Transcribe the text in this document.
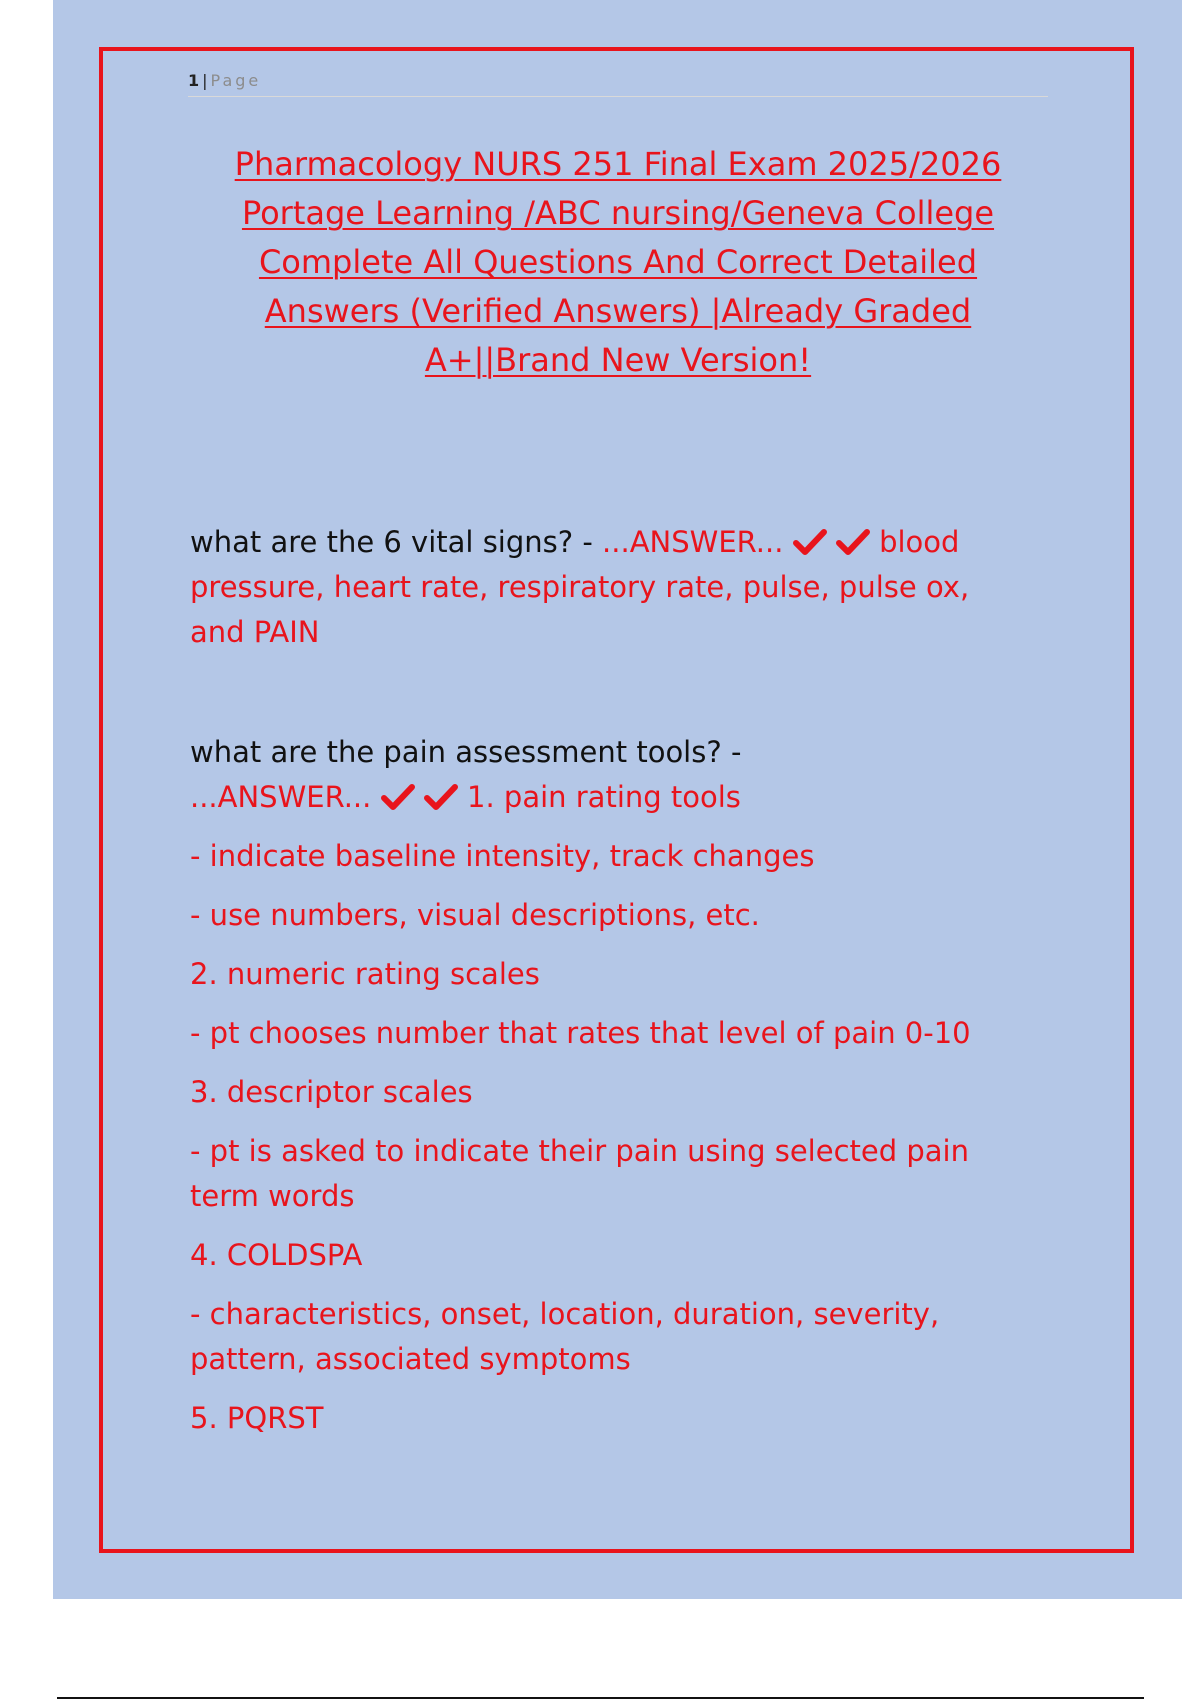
1 | Page
Pharmacology NURS 251 Final Exam 2025/2026
Portage Learning /ABC nursing/Geneva College
Complete All Questions And Correct Detailed
Answers (Verified Answers) |Already Graded
A+||Brand New Version!
what are the 6 vital signs? - ...ANSWER...
	blood pressure, heart rate, respiratory rate, pulse, pulse ox, and PAIN
what are the pain assessment tools? -
...ANSWER...
	1. pain rating tools
- indicate baseline intensity, track changes
- use numbers, visual descriptions, etc.
2. numeric rating scales
- pt chooses number that rates that level of pain 0-10
3. descriptor scales
- pt is asked to indicate their pain using selected pain term words
4. COLDSPA
- characteristics, onset, location, duration, severity, pattern, associated symptoms
5. PQRST
